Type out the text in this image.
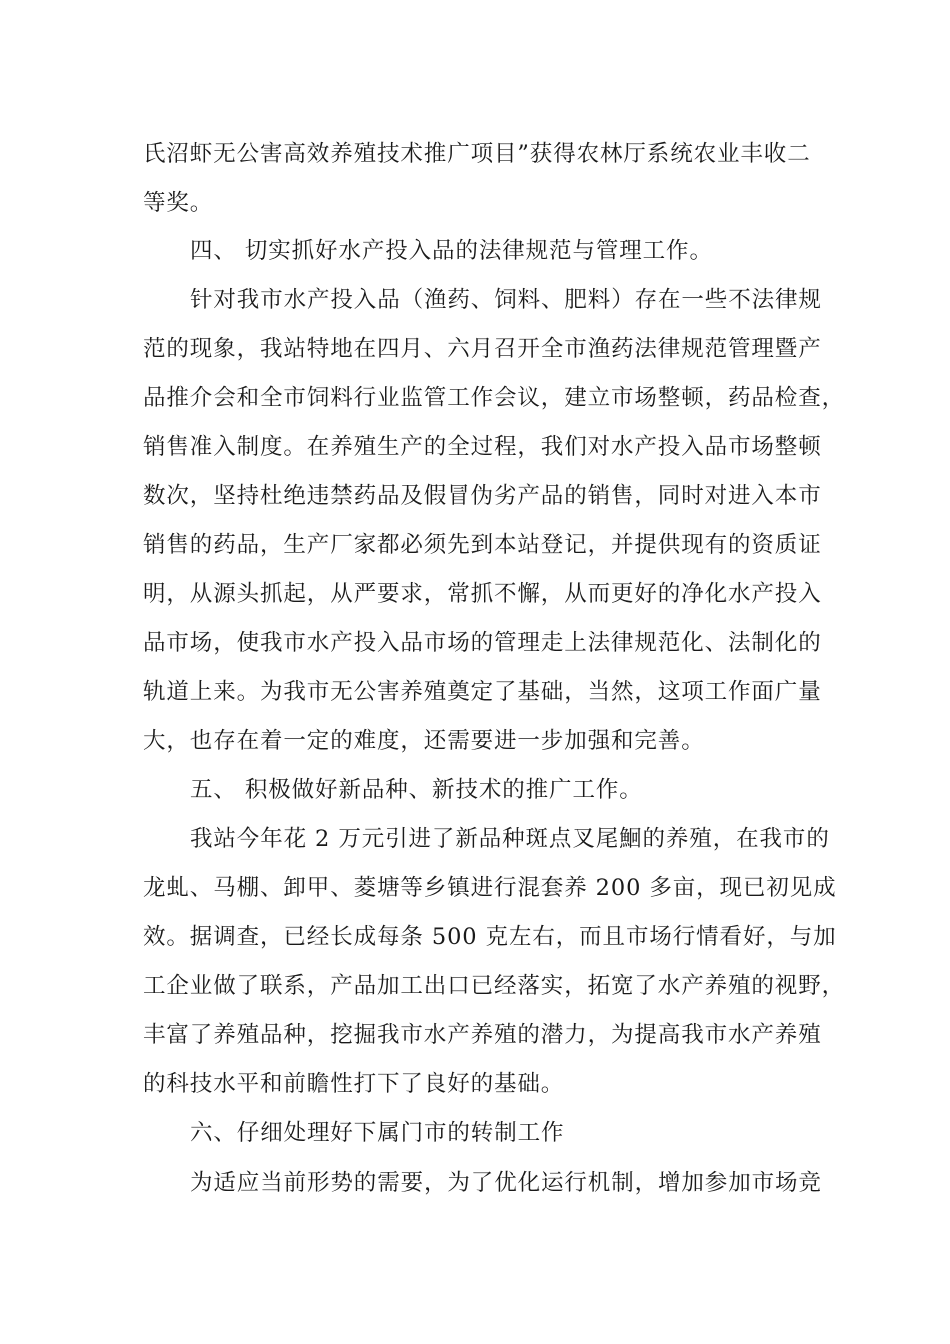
氏沼虾无公害高效养殖技术推广项目”获得农林厅系统农业丰收二
等奖。
四、 切实抓好水产投入品的法律规范与管理工作。
针对我市水产投入品（渔药、饲料、肥料）存在一些不法律规
范的现象，我站特地在四月、六月召开全市渔药法律规范管理暨产
品推介会和全市饲料行业监管工作会议，建立市场整顿，药品检查，
销售准入制度。在养殖生产的全过程，我们对水产投入品市场整顿
数次，坚持杜绝违禁药品及假冒伪劣产品的销售，同时对进入本市
销售的药品，生产厂家都必须先到本站登记，并提供现有的资质证
明，从源头抓起，从严要求，常抓不懈，从而更好的净化水产投入
品市场，使我市水产投入品市场的管理走上法律规范化、法制化的
轨道上来。为我市无公害养殖奠定了基础，当然，这项工作面广量
大，也存在着一定的难度，还需要进一步加强和完善。
五、 积极做好新品种、新技术的推广工作。
我站今年花 2 万元引进了新品种斑点叉尾鮰的养殖，在我市的
龙虬、马棚、卸甲、菱塘等乡镇进行混套养 200 多亩，现已初见成
效。据调查，已经长成每条 500 克左右，而且市场行情看好，与加
工企业做了联系，产品加工出口已经落实，拓宽了水产养殖的视野，
丰富了养殖品种，挖掘我市水产养殖的潜力，为提高我市水产养殖
的科技水平和前瞻性打下了良好的基础。
六、仔细处理好下属门市的转制工作
为适应当前形势的需要，为了优化运行机制，增加参加市场竞
